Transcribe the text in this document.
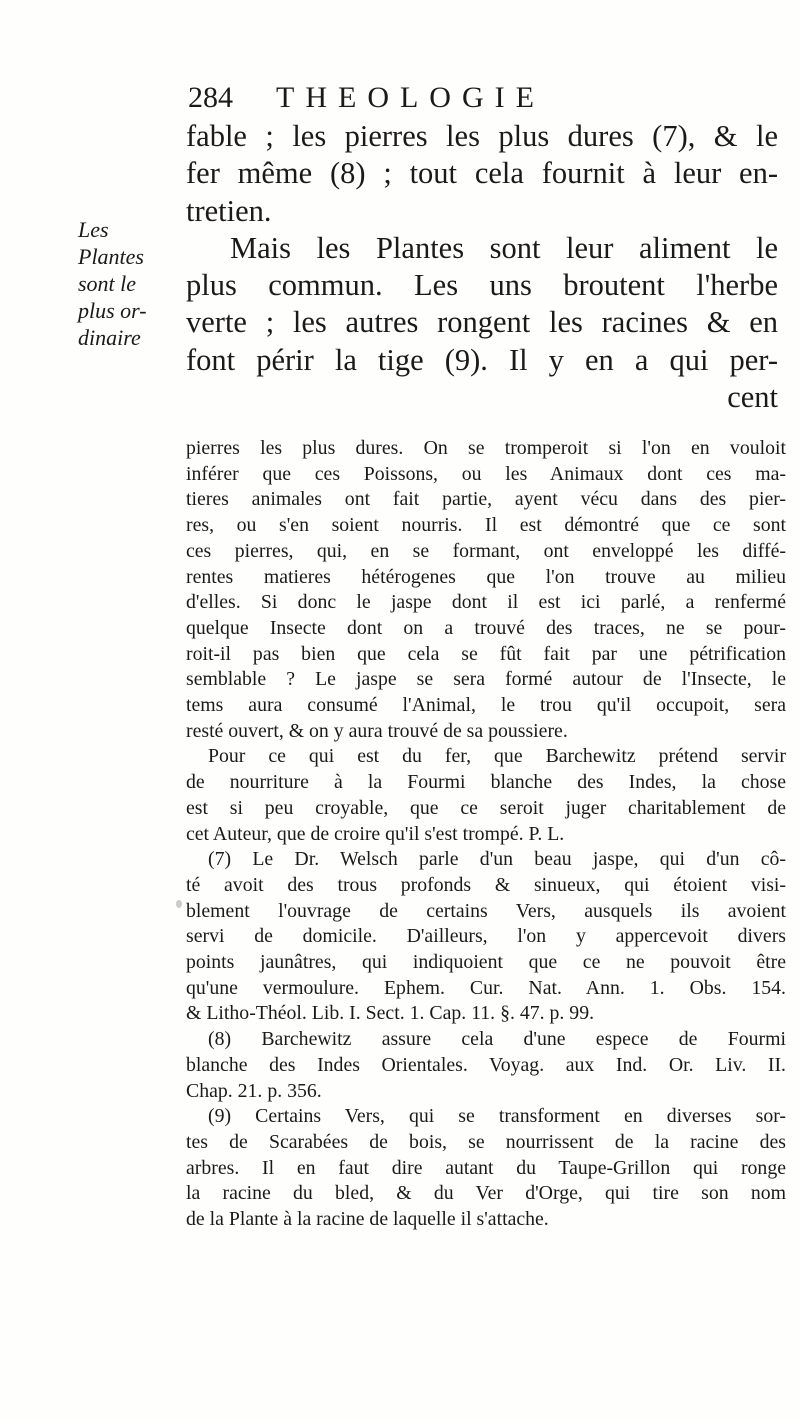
284 THEOLOGIE
Les
Plantes
sont le
plus or-
dinaire
fable ; les pierres les plus dures (7), & le
fer même (8) ; tout cela fournit à leur en-
tretien.
Mais les Plantes sont leur aliment le
plus commun. Les uns broutent l'herbe
verte ; les autres rongent les racines & en
font périr la tige (9). Il y en a qui per-
cent
pierres les plus dures. On se tromperoit si l'on en vouloit
inférer que ces Poissons, ou les Animaux dont ces ma-
tieres animales ont fait partie, ayent vécu dans des pier-
res, ou s'en soient nourris. Il est démontré que ce sont
ces pierres, qui, en se formant, ont enveloppé les diffé-
rentes matieres hétérogenes que l'on trouve au milieu
d'elles. Si donc le jaspe dont il est ici parlé, a renfermé
quelque Insecte dont on a trouvé des traces, ne se pour-
roit-il pas bien que cela se fût fait par une pétrification
semblable ? Le jaspe se sera formé autour de l'Insecte, le
tems aura consumé l'Animal, le trou qu'il occupoit, sera
resté ouvert, & on y aura trouvé de sa poussiere.
Pour ce qui est du fer, que Barchewitz prétend servir
de nourriture à la Fourmi blanche des Indes, la chose
est si peu croyable, que ce seroit juger charitablement de
cet Auteur, que de croire qu'il s'est trompé. P. L.
(7) Le Dr. Welsch parle d'un beau jaspe, qui d'un cô-
té avoit des trous profonds & sinueux, qui étoient visi-
blement l'ouvrage de certains Vers, ausquels ils avoient
servi de domicile. D'ailleurs, l'on y appercevoit divers
points jaunâtres, qui indiquoient que ce ne pouvoit être
qu'une vermoulure. Ephem. Cur. Nat. Ann. 1. Obs. 154.
& Litho-Théol. Lib. I. Sect. 1. Cap. 11. §. 47. p. 99.
(8) Barchewitz assure cela d'une espece de Fourmi
blanche des Indes Orientales. Voyag. aux Ind. Or. Liv. II.
Chap. 21. p. 356.
(9) Certains Vers, qui se transforment en diverses sor-
tes de Scarabées de bois, se nourrissent de la racine des
arbres. Il en faut dire autant du Taupe-Grillon qui ronge
la racine du bled, & du Ver d'Orge, qui tire son nom
de la Plante à la racine de laquelle il s'attache.
